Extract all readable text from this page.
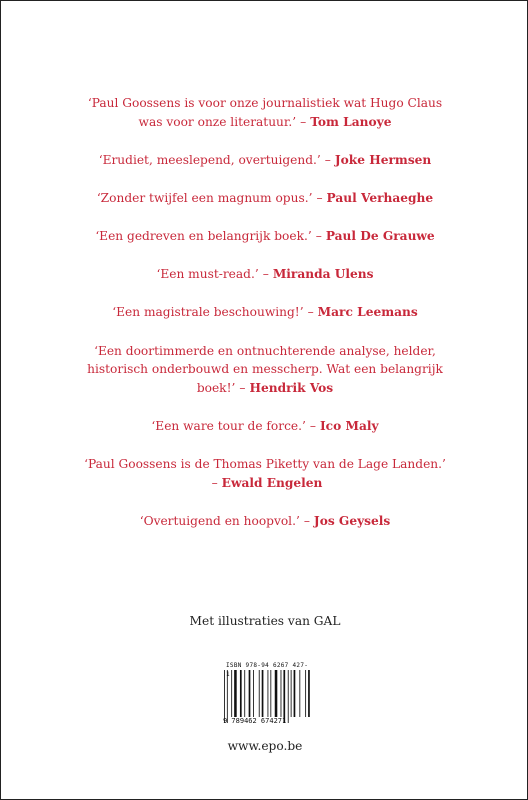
‘Paul Goossens is voor onze journalistiek wat Hugo Claus
was voor onze literatuur.’ – Tom Lanoye
‘Erudiet, meeslepend, overtuigend.’ – Joke Hermsen
‘Zonder twijfel een magnum opus.’ – Paul Verhaeghe
‘Een gedreven en belangrijk boek.’ – Paul De Grauwe
‘Een must-read.’ – Miranda Ulens
‘Een magistrale beschouwing!’ – Marc Leemans
‘Een doortimmerde en ontnuchterende analyse, helder,
historisch onderbouwd en messcherp. Wat een belangrijk
boek!’ – Hendrik Vos
‘Een ware tour de force.’ – Ico Maly
‘Paul Goossens is de Thomas Piketty van de Lage Landen.’
– Ewald Engelen
‘Overtuigend en hoopvol.’ – Jos Geysels
Met illustraties van GAL
ISBN 978-94 6267 427-1
9 789462 674271
www.epo.be
